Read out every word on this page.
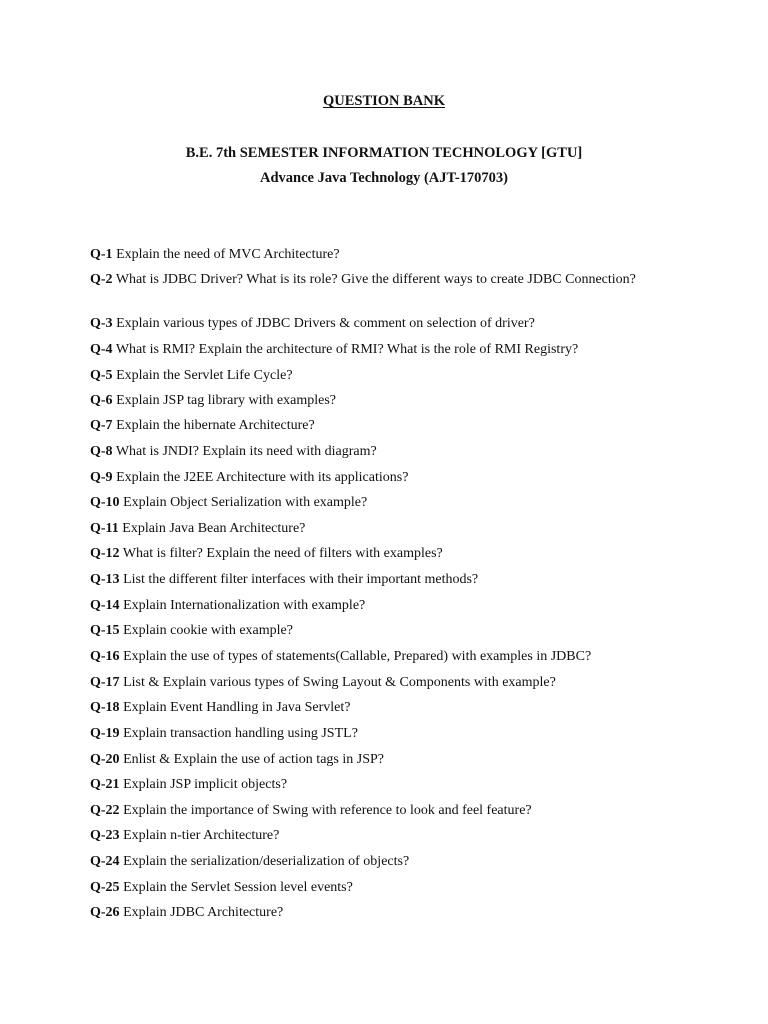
QUESTION BANK
B.E. 7th SEMESTER INFORMATION TECHNOLOGY [GTU]
Advance Java Technology (AJT-170703)
Q-1 Explain the need of MVC Architecture?
Q-2 What is JDBC Driver? What is its role? Give the different ways to create JDBC Connection?
Q-3 Explain various types of JDBC Drivers & comment on selection of driver?
Q-4 What is RMI? Explain the architecture of RMI? What is the role of RMI Registry?
Q-5 Explain the Servlet Life Cycle?
Q-6 Explain JSP tag library with examples?
Q-7 Explain the hibernate Architecture?
Q-8 What is JNDI? Explain its need with diagram?
Q-9 Explain the J2EE Architecture with its applications?
Q-10 Explain Object Serialization with example?
Q-11 Explain Java Bean Architecture?
Q-12 What is filter? Explain the need of filters with examples?
Q-13 List the different filter interfaces with their important methods?
Q-14 Explain Internationalization with example?
Q-15 Explain cookie with example?
Q-16 Explain the use of types of statements(Callable, Prepared) with examples in JDBC?
Q-17 List & Explain various types of Swing Layout & Components with example?
Q-18 Explain Event Handling in Java Servlet?
Q-19 Explain transaction handling using JSTL?
Q-20 Enlist & Explain the use of action tags in JSP?
Q-21 Explain JSP implicit objects?
Q-22 Explain the importance of Swing with reference to look and feel feature?
Q-23 Explain n-tier Architecture?
Q-24 Explain the serialization/deserialization of objects?
Q-25 Explain the Servlet Session level events?
Q-26 Explain JDBC Architecture?
